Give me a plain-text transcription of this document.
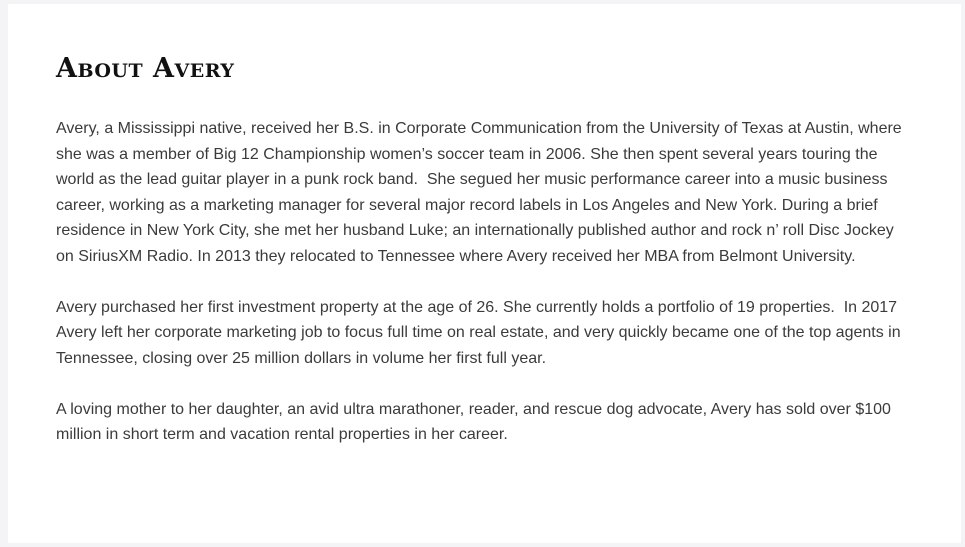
About Avery

Avery, a Mississippi native, received her B.S. in Corporate Communication from the University of Texas at Austin, where she was a member of Big 12 Championship women’s soccer team in 2006. She then spent several years touring the world as the lead guitar player in a punk rock band.  She segued her music performance career into a music business career, working as a marketing manager for several major record labels in Los Angeles and New York. During a brief residence in New York City, she met her husband Luke; an internationally published author and rock n’ roll Disc Jockey on SiriusXM Radio. In 2013 they relocated to Tennessee where Avery received her MBA from Belmont University.

Avery purchased her first investment property at the age of 26. She currently holds a portfolio of 19 properties.  In 2017 Avery left her corporate marketing job to focus full time on real estate, and very quickly became one of the top agents in Tennessee, closing over 25 million dollars in volume her first full year.

A loving mother to her daughter, an avid ultra marathoner, reader, and rescue dog advocate, Avery has sold over $100 million in short term and vacation rental properties in her career.
